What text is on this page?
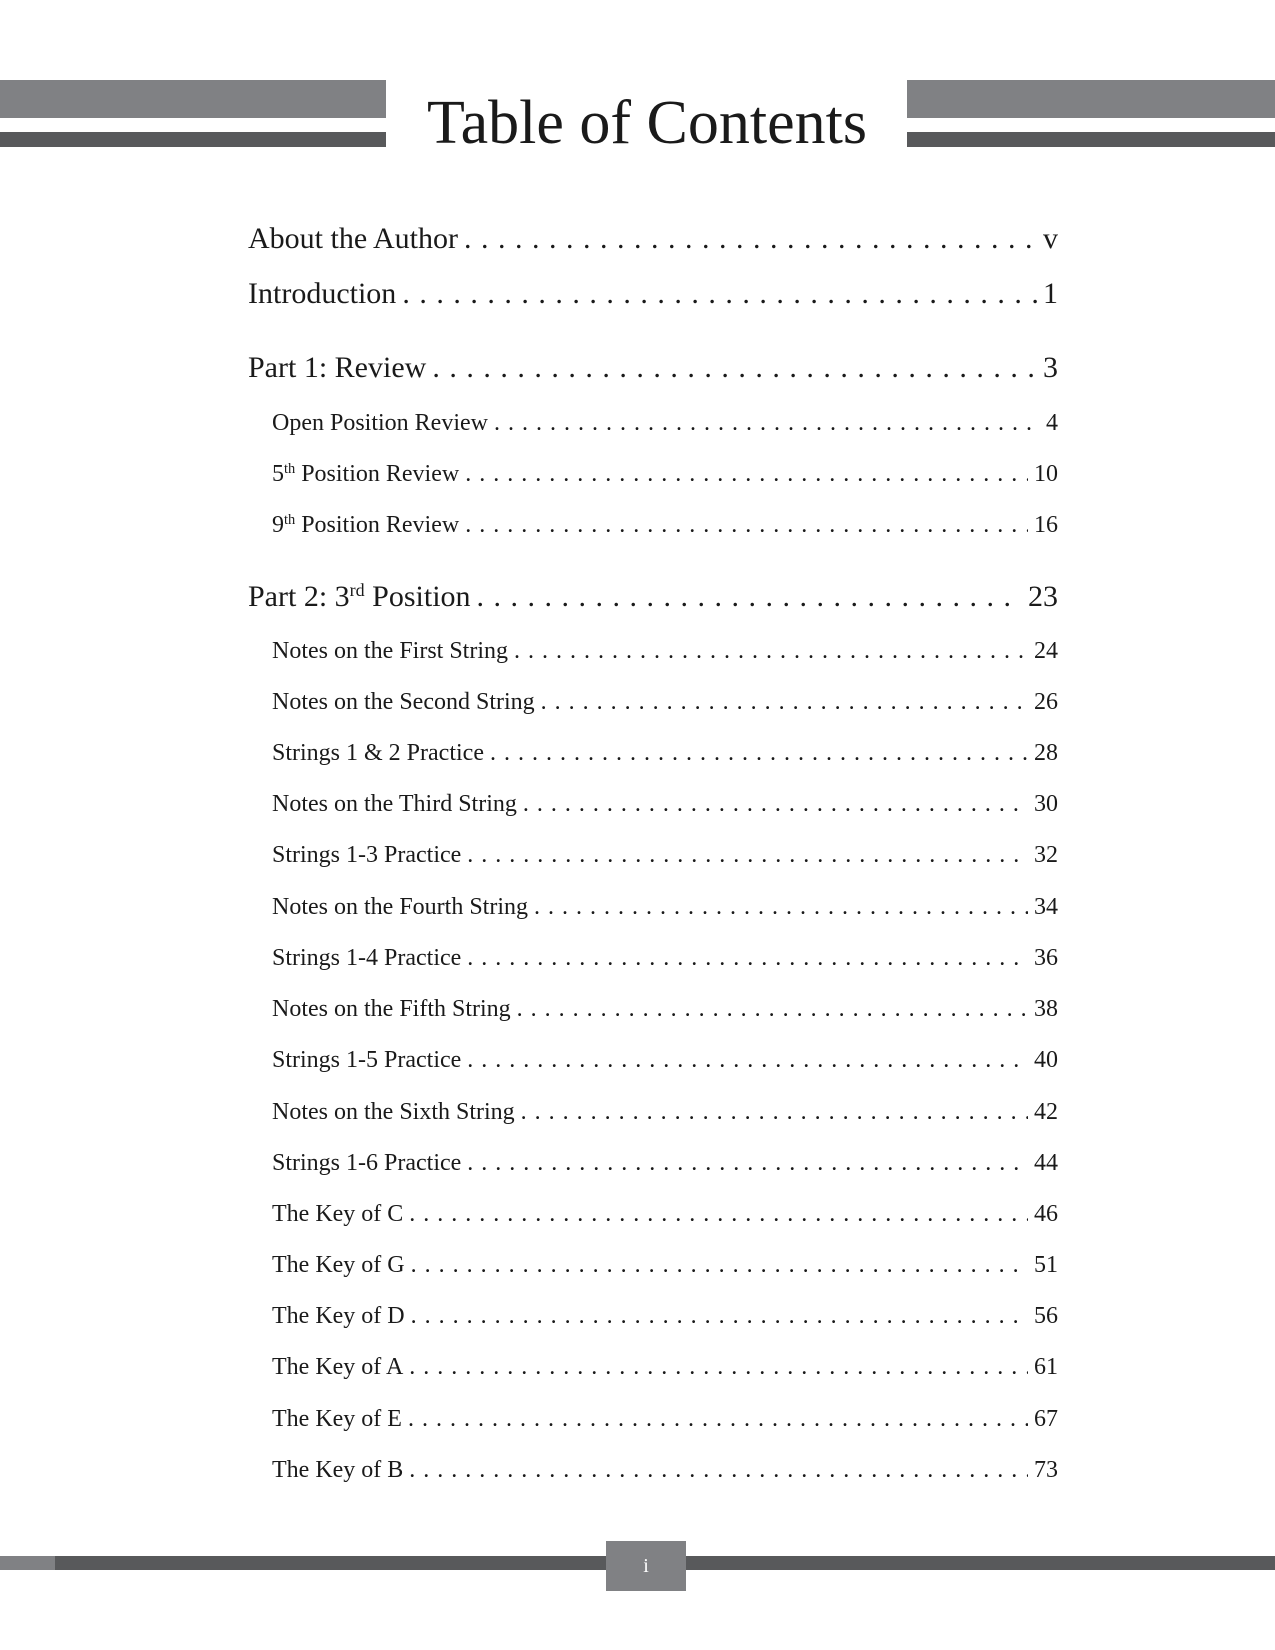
Table of Contents
About the Author . . .	v
Introduction . . .	1
Part 1: Review . . .	3
Open Position Review . . .	4
5th Position Review . . .	10
9th Position Review . . .	16
Part 2: 3rd Position . . .	23
Notes on the First String . . .	24
Notes on the Second String . . .	26
Strings 1 & 2 Practice . . .	28
Notes on the Third String . . .	30
Strings 1-3 Practice . . .	32
Notes on the Fourth String . . .	34
Strings 1-4 Practice . . .	36
Notes on the Fifth String . . .	38
Strings 1-5 Practice . . .	40
Notes on the Sixth String . . .	42
Strings 1-6 Practice . . .	44
The Key of C . . .	46
The Key of G . . .	51
The Key of D . . .	56
The Key of A . . .	61
The Key of E . . .	67
The Key of B . . .	73
i
